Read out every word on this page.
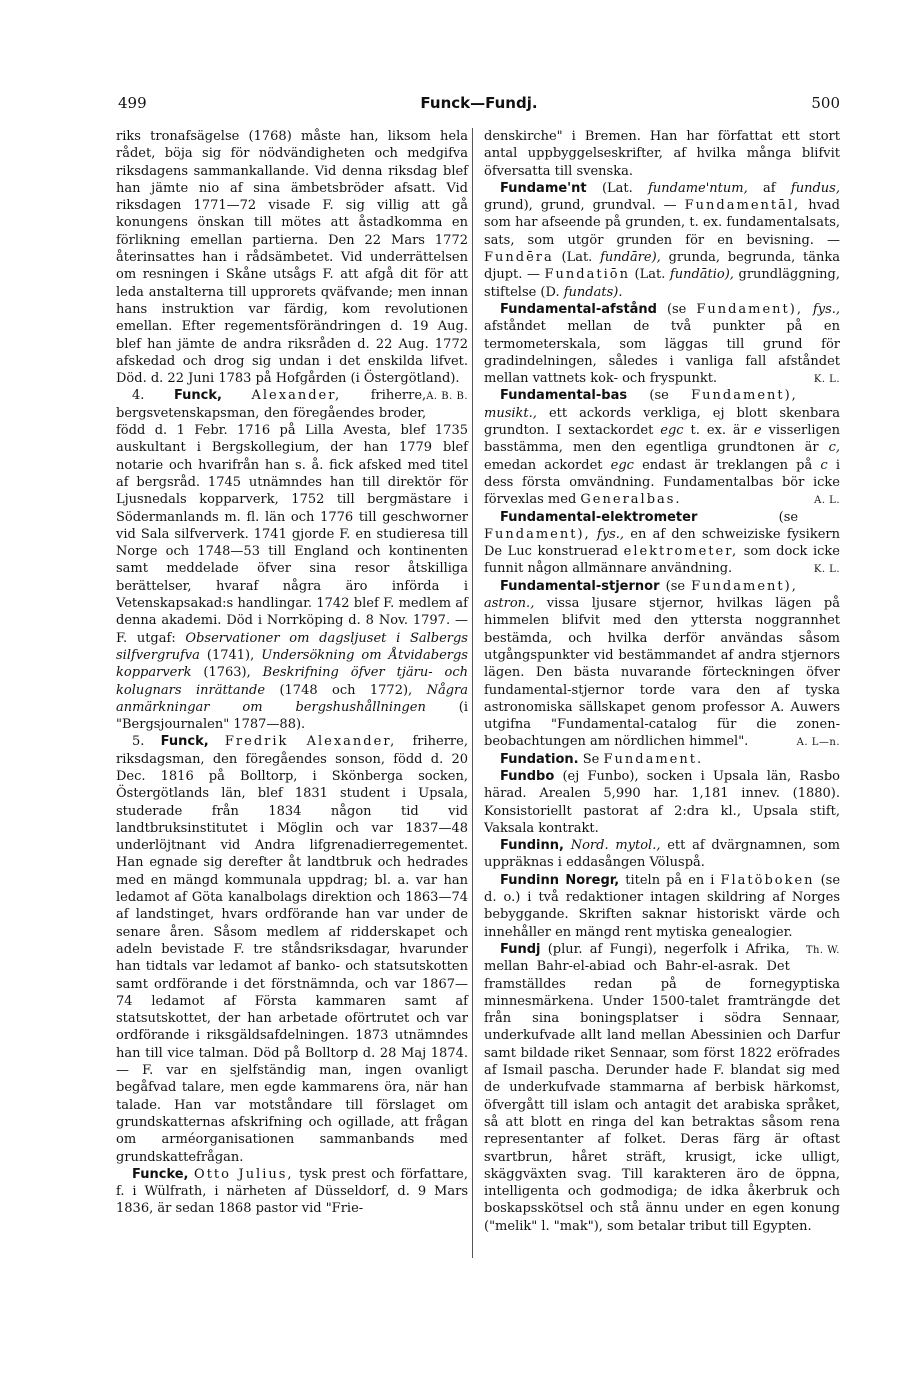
499	Funck—Fundj.	500

riks tronafsägelse (1768) måste han, liksom hela rådet, böja sig för nödvändigheten och medgifva riksdagens sammankallande. Vid denna riksdag blef han jämte nio af sina ämbetsbröder afsatt. Vid riksdagen 1771—72 visade F. sig villig att gå konungens önskan till mötes att åstadkomma en förlikning emellan partierna. Den 22 Mars 1772 återinsattes han i rådsämbetet. Vid underrättelsen om resningen i Skåne utsågs F. att afgå dit för att leda anstalterna till upprorets qväfvande; men innan hans instruktion var färdig, kom revolutionen emellan. Efter regementsförändringen d. 19 Aug. blef han jämte de andra riksråden d. 22 Aug. 1772 afskedad och drog sig undan i det enskilda lifvet. Död. d. 22 Juni 1783 på Hofgården (i Östergötland).
A. B. B.

4. Funck, Alexander, friherre, bergsvetenskapsman, den föregåendes broder, född d. 1 Febr. 1716 på Lilla Avesta, blef 1735 auskultant i Bergskollegium, der han 1779 blef notarie och hvarifrån han s. å. fick afsked med titel af bergsråd. 1745 utnämndes han till direktör för Ljusnedals kopparverk, 1752 till bergmästare i Södermanlands m. fl. län och 1776 till geschworner vid Sala silfververk. 1741 gjorde F. en studieresa till Norge och 1748—53 till England och kontinenten samt meddelade öfver sina resor åtskilliga berättelser, hvaraf några äro införda i Vetenskapsakad:s handlingar. 1742 blef F. medlem af denna akademi. Död i Norrköping d. 8 Nov. 1797. — F. utgaf: Observationer om dagsljuset i Salbergs silfvergrufva (1741), Undersökning om Åtvidabergs kopparverk (1763), Beskrifning öfver tjäru- och kolugnars inrättande (1748 och 1772), Några anmärkningar om bergshushållningen	(i "Bergsjournalen" 1787—88).

5. Funck, Fredrik Alexander, friherre, riksdagsman, den föregåendes sonson, född d. 20 Dec. 1816 på Bolltorp, i Skönberga socken, Östergötlands län, blef 1831 student i Upsala, studerade från 1834 någon tid vid landtbruksinstitutet i Möglin och var 1837—48 underlöjtnant vid Andra lifgrenadierregementet. Han egnade sig derefter åt landtbruk och hedrades med en mängd kommunala uppdrag; bl. a. var han ledamot af Göta kanalbolags direktion och 1863—74 af landstinget, hvars ordförande han var under de senare åren. Såsom medlem af ridderskapet och adeln bevistade F. tre ståndsriksdagar, hvarunder han tidtals var ledamot af banko- och statsutskotten samt ordförande i det förstnämnda, och var 1867—74 ledamot af Första kammaren samt af statsutskottet, der han arbetade oförtrutet och var ordförande i riksgäldsafdelningen. 1873 utnämndes han till vice talman. Död på Bolltorp d. 28 Maj 1874. — F. var en sjelfständig man, ingen ovanligt begåfvad talare, men egde kammarens öra, när han talade. Han var motståndare till förslaget om grundskatternas afskrifning och ogillade, att frågan om arméorganisationen sammanbands med grundskattefrågan.

Funcke, Otto Julius, tysk prest och författare, f. i Wülfrath, i närheten af Düsseldorf, d. 9 Mars 1836, är sedan 1868 pastor vid "Frie-

denskirche" i Bremen. Han har författat ett stort antal uppbyggelseskrifter, af hvilka många blifvit öfversatta till svenska.

Fundame'nt (Lat. fundame'ntum, af fundus, grund), grund, grundval. — Fundamentāl, hvad som har afseende på grunden, t. ex. fundamentalsats, sats, som utgör grunden för en bevisning. — Fundēra (Lat. fundāre), grunda, begrunda, tänka djupt. — Fundatiōn (Lat. fundātio), grundläggning, stiftelse (D. fundats).

Fundamental-afstånd (se Fundament), fys., afståndet mellan de två punkter på en termometerskala, som läggas till grund för gradindelningen, således i vanliga fall afståndet mellan vattnets kok- och fryspunkt.	K. L.

Fundamental-bas (se Fundament), musikt., ett ackords verkliga, ej blott skenbara grundton. I sextackordet egc t. ex. är e visserligen basstämma, men den egentliga grundtonen är c, emedan ackordet egc endast är treklangen på c i dess första omvändning. Fundamentalbas bör icke förvexlas med Generalbas.	A. L.

Fundamental-elektrometer	(se Fundament), fys., en af den schweiziske fysikern De Luc konstruerad elektrometer, som dock icke funnit någon allmännare användning.	K. L.

Fundamental-stjernor (se Fundament), astron., vissa ljusare stjernor, hvilkas lägen på himmelen blifvit med den yttersta noggrannhet bestämda, och hvilka derför användas såsom utgångspunkter vid bestämmandet af andra stjernors lägen. Den bästa nuvarande förteckningen öfver fundamental-stjernor torde vara den af tyska astronomiska sällskapet genom professor A. Auwers utgifna "Fundamental-catalog für die zonen-beobachtungen am nördlichen himmel".	A. L—n.

Fundation. Se Fundament.

Fundbo (ej Funbo), socken i Upsala län, Rasbo härad. Arealen 5,990 har. 1,181 innev. (1880). Konsistoriellt pastorat af 2:dra kl., Upsala stift, Vaksala kontrakt.

Fundinn, Nord. mytol., ett af dvärgnamnen, som uppräknas i eddasången Völuspå.

Fundinn Noregr, titeln på en i Flatöboken (se d. o.) i två redaktioner intagen skildring af Norges bebyggande. Skriften saknar historiskt värde och innehåller en mängd rent mytiska genealogier.
Th. W.

Fundj (plur. af Fungi), negerfolk i Afrika, mellan Bahr-el-abiad och Bahr-el-asrak. Det framställdes redan på de fornegyptiska minnesmärkena. Under 1500-talet framträngde det från sina boningsplatser i södra Sennaar, underkufvade allt land mellan Abessinien och Darfur samt bildade riket Sennaar, som först 1822 eröfrades af Ismail pascha. Derunder hade F. blandat sig med de underkufvade stammarna af berbisk härkomst, öfvergått till islam och antagit det arabiska språket, så att blott en ringa del kan betraktas såsom rena representanter af folket. Deras färg är oftast svartbrun, håret sträft, krusigt, icke ulligt, skäggväxten svag. Till karakteren äro de öppna, intelligenta och godmodiga; de idka åkerbruk och boskapsskötsel och stå ännu under en egen konung ("melik" l. "mak"), som betalar tribut till Egypten.
